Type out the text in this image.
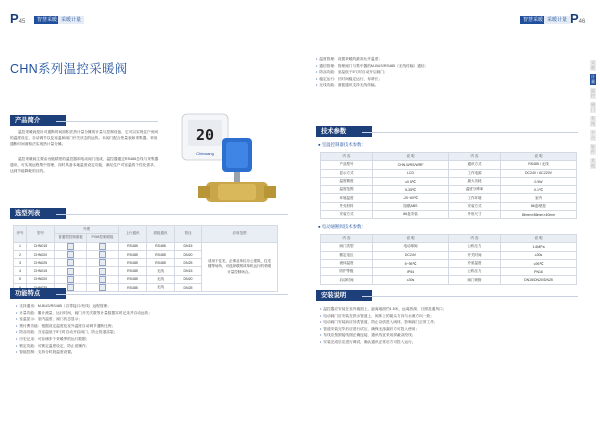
P45	智慧采暖 采暖计量
CHN系列温控采暖阀
产品简介
温控采暖阀是针对通断时间面积法热计量分摊的计量与控制设备，它可以实现住户房间的温度设定、自动调节以及室温和阀门开关状态的远传。本阀门配合热量表和采集器，采用通断时间面积法实现热计量分摊。
温控采暖阀主要由丙级精度的温控器和电动阀门组成，温控器通过RS485总线与采集器通讯，可实现远程集中管理，同时具备本地温度设定功能，满足住户对室温的个性化需求，达到节能降耗的目的。
20
Chinwang
选型列表
序号	型号	外观		上行通讯	面板通讯	管径	应用范围
		普通型控制面板	PGM控制面板				
1	CHN015			RS485	RS485	DN15	适用于住宅、企事业单位办公建筑、住宅楼等场所，可选择联网或单机运行的采暖计量控制场合。
2	CHN020			RS485	RS485	DN20	
3	CHN025			RS485	RS485	DN25	
4	CHN015			RS485	无线	DN15	
5	CHN020			RS485	无线	DN20	
				RS485	无线	DN25	
功能特点
• 支持通讯：M-BUS/RS485（自带接口/有线）远程管理；
• 计量功能：累计流量、运行时间、阀门开关次数等计量数据实时记录并自动远传；
• 室温显示：室内温度、阀门状态显示；
• 预付费功能：根据设定温度及室外温度自动调节通断比例；
• 防冻功能：当室温低于5℃时自动开启阀门，防止管道冻裂；
• 历史记录：可存储多个采暖季的运行数据；
• 锁定功能：可锁定温度设定，防止误操作；
• 智能控制：支持分时段温度设置。
P46
智慧采暖 采暖计量
• 温度管理：设置采暖的最高允许温度；
• 通信管理：管理阀门与集中器的M-BUS/RS485（无线传输）通信；
• 防冻功能：室温低于5℃时自动开启阀门；
• 稳定运行：长时间稳定运行，寿命长；
• 无线功能：面板通讯支持无线传输。
技术参数
● 室温控制器技术参数：
内 容	说 明	内 容	说 明
产品型号	CHN-WRS/WRF	通讯方式	RS485 / 无线
显示方式	LCD	工作电源	DC24V / AC220V
温度精度	≤0.5℃	最大功耗	0.5W
温度范围	5-35℃	温度分辨率	0.1℃
环境温度	-20~60℃	工作环境	室内
外壳材料	阻燃ABS	安装方式	86盒/壁挂
安装方式	86盒安装	外形尺寸	86mm×86mm×40mm
● 电动通断阀技术参数：
内 容	说 明	内 容	说 明
阀门类型	电动球阀	公称压力	1.6MPa
额定电压	DC24V	开关时间	≤30s
流体温度	5~95℃	介质温度	≤95℃
防护等级	IP54	公称压力	PN16
启动时间	≤30s	阀门规格	DN15/DN20/DN25
安装说明
• 温控器应安装在室内墙面上，距离地面约1.5米，远离热源、日照及通风口；
• 电动阀门应安装在供水管道上，阀体上的箭头方向与水流方向一致；
• 电动阀门安装前应冲洗管道，防止杂质进入阀体，影响阀门正常工作；
• 管道安装完毕后应进行试压，确保无渗漏后方可投入使用；
• 布线应按照接线图正确连接，通讯线宜采用屏蔽双绞线；
• 安装完成后应进行调试，确认通讯正常后方可投入运行。
采暖
计量
温控
阀门
系统
平台
软件
其他
